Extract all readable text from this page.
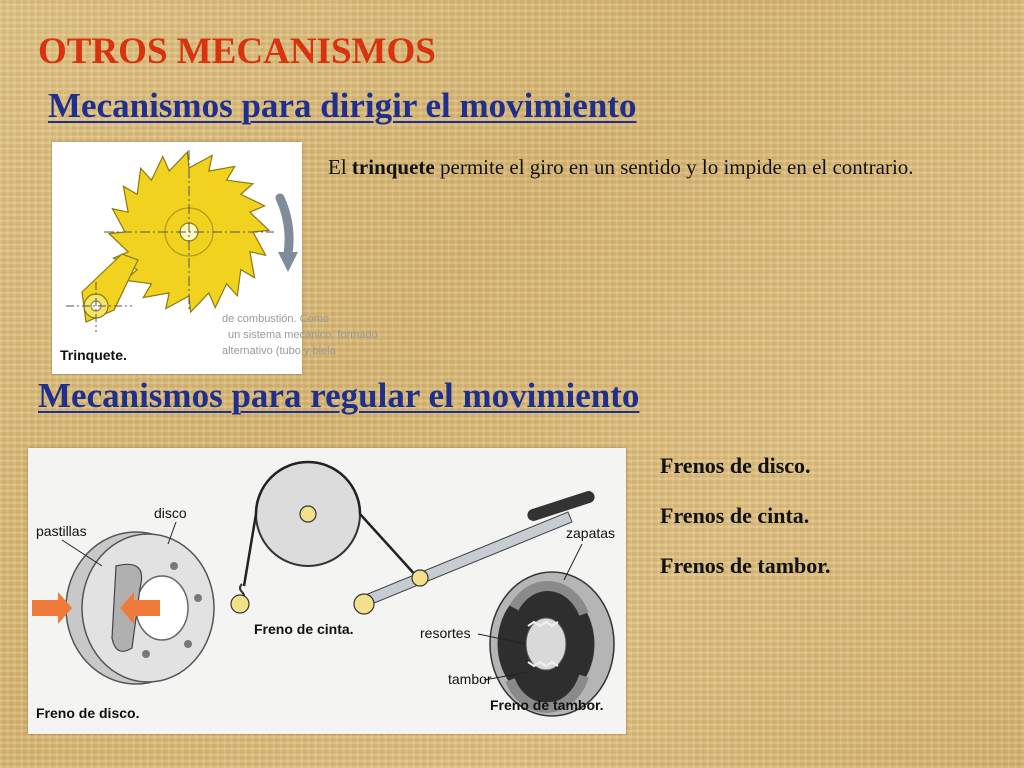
OTROS MECANISMOS
Mecanismos para dirigir el movimiento
de combustión. Como
un sistema mecánico, formado
alternativo (tubo y biela
Trinquete.
El trinquete permite el giro en un sentido y lo impide en el contrario.
Mecanismos para regular el movimiento
pastillas
disco
Freno de disco.
Freno de cinta.
zapatas
resortes
tambor
Freno de tambor.
Frenos de disco.
Frenos de cinta.
Frenos de tambor.
